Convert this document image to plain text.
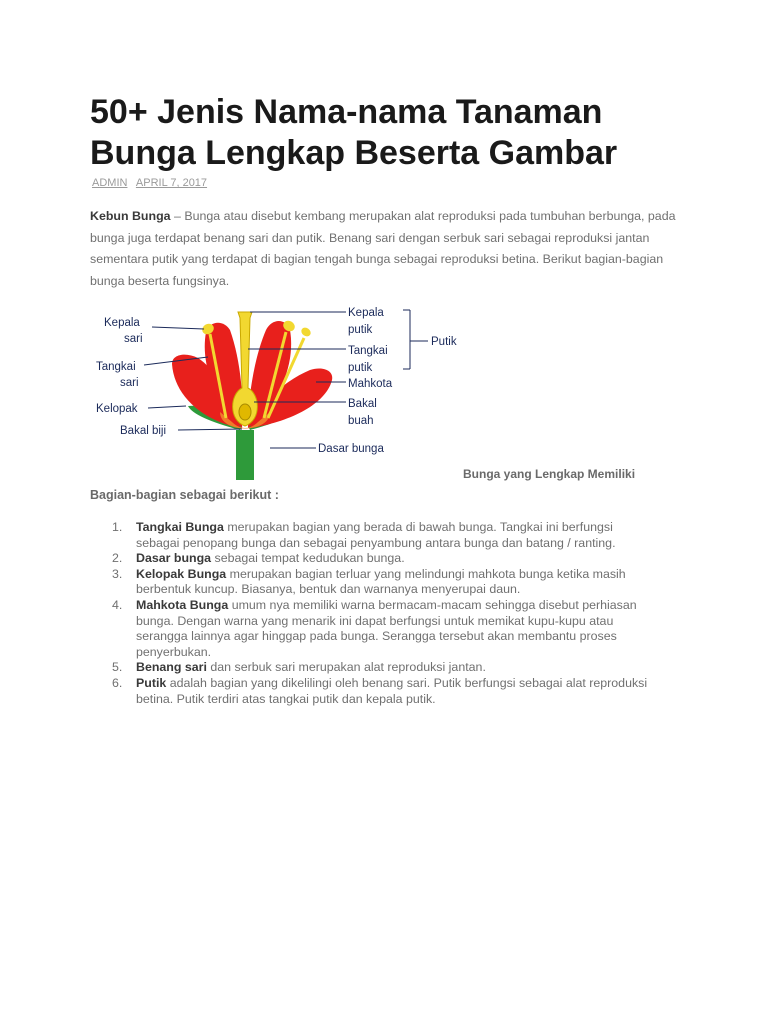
50+ Jenis Nama-nama Tanaman Bunga Lengkap Beserta Gambar
ADMIN APRIL 7, 2017

Kebun Bunga – Bunga atau disebut kembang merupakan alat reproduksi pada tumbuhan berbunga, pada bunga juga terdapat benang sari dan putik. Benang sari dengan serbuk sari sebagai reproduksi jantan sementara putik yang terdapat di bagian tengah bunga sebagai reproduksi betina. Berikut bagian-bagian bunga beserta fungsinya.

Kepala
sari
Tangkai
sari
Kelopak
Bakal biji
Kepala
putik
Tangkai
putik
Mahkota
Bakal
buah
Dasar bunga
Putik
Bunga yang Lengkap Memiliki
Bagian-bagian sebagai berikut :
1. Tangkai Bunga merupakan bagian yang berada di bawah bunga. Tangkai ini berfungsi sebagai penopang bunga dan sebagai penyambung antara bunga dan batang / ranting.
2. Dasar bunga sebagai tempat kedudukan bunga.
3. Kelopak Bunga merupakan bagian terluar yang melindungi mahkota bunga ketika masih berbentuk kuncup. Biasanya, bentuk dan warnanya menyerupai daun.
4. Mahkota Bunga umum nya memiliki warna bermacam-macam sehingga disebut perhiasan bunga. Dengan warna yang menarik ini dapat berfungsi untuk memikat kupu-kupu atau serangga lainnya agar hinggap pada bunga. Serangga tersebut akan membantu proses penyerbukan.
5. Benang sari dan serbuk sari merupakan alat reproduksi jantan.
6. Putik adalah bagian yang dikelilingi oleh benang sari. Putik berfungsi sebagai alat reproduksi betina. Putik terdiri atas tangkai putik dan kepala putik.
